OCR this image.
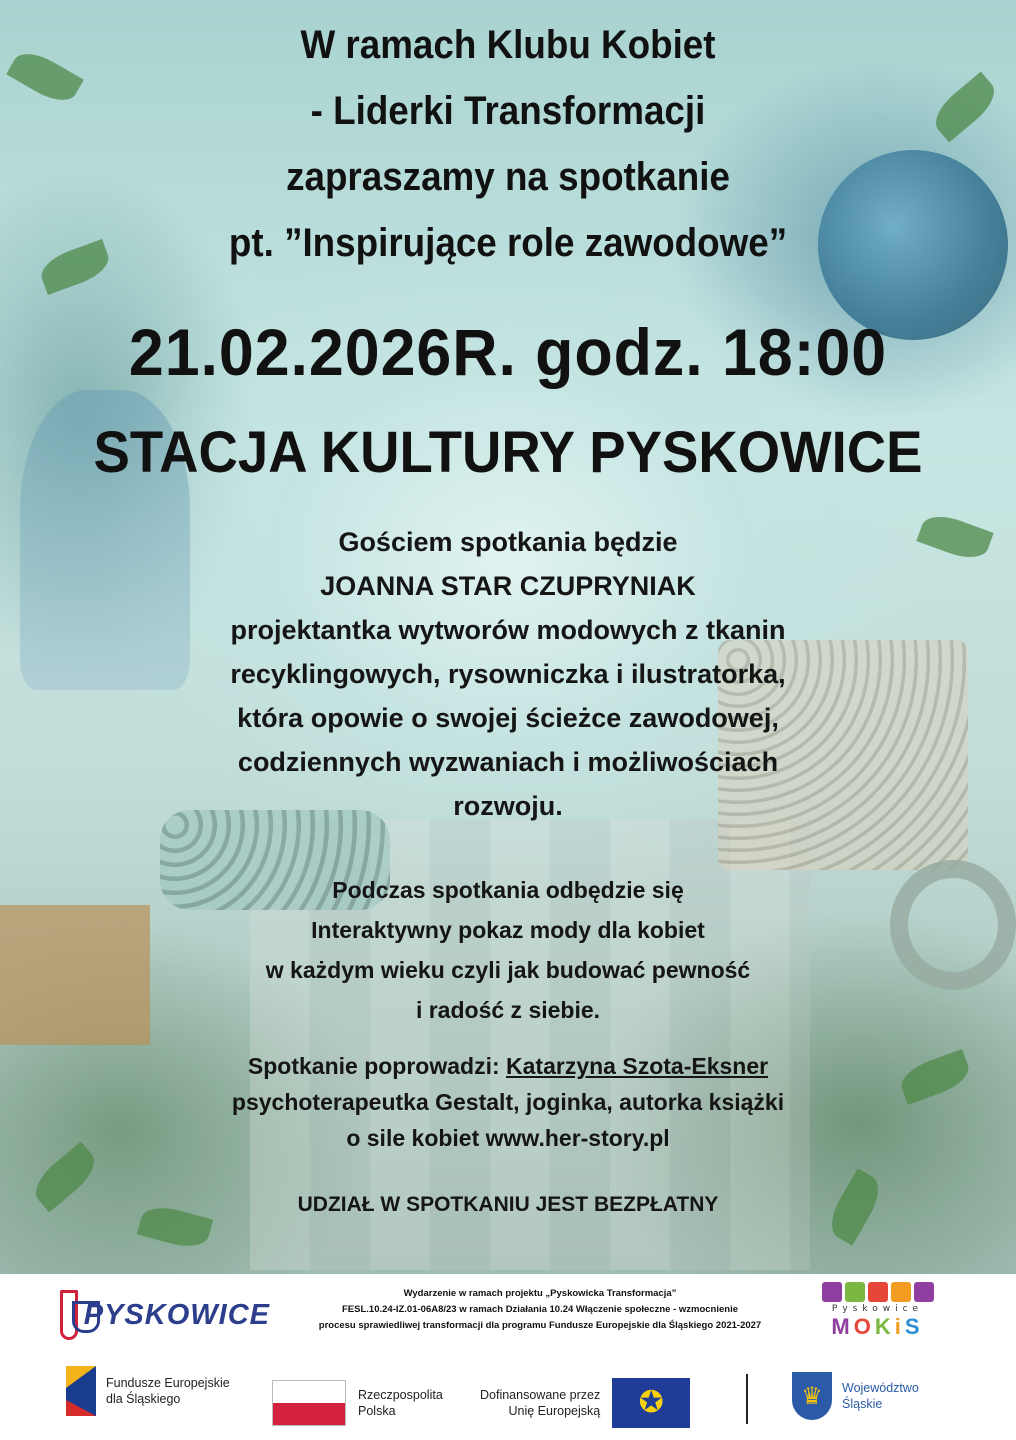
W ramach Klubu Kobiet
- Liderki Transformacji
zapraszamy na spotkanie
pt. ”Inspirujące role zawodowe”
21.02.2026R. godz. 18:00
STACJA KULTURY PYSKOWICE
Gościem spotkania będzie
JOANNA STAR CZUPRYNIAK
projektantka wytworów modowych z tkanin
recyklingowych, rysowniczka i ilustratorka,
która opowie o swojej ścieżce zawodowej,
codziennych wyzwaniach i możliwościach
rozwoju.
Podczas spotkania odbędzie się
Interaktywny pokaz mody dla kobiet
w każdym wieku czyli jak budować pewność
i radość z siebie.
Spotkanie poprowadzi: Katarzyna Szota-Eksner
psychoterapeutka Gestalt, joginka, autorka książki
o sile kobiet www.her-story.pl
UDZIAŁ W SPOTKANIU JEST BEZPŁATNY
PYSKOWICE
Wydarzenie w ramach projektu „Pyskowicka Transformacja”
FESL.10.24-IZ.01-06A8/23 w ramach Działania 10.24 Włączenie społeczne - wzmocnienie
procesu sprawiedliwej transformacji dla programu Fundusze Europejskie dla Śląskiego 2021-2027
Pyskowice
MOKiS
Fundusze Europejskie
dla Śląskiego	Rzeczpospolita
Polska
Dofinansowane przez
Unię Europejską	✪	♛	Województwo
Śląskie
